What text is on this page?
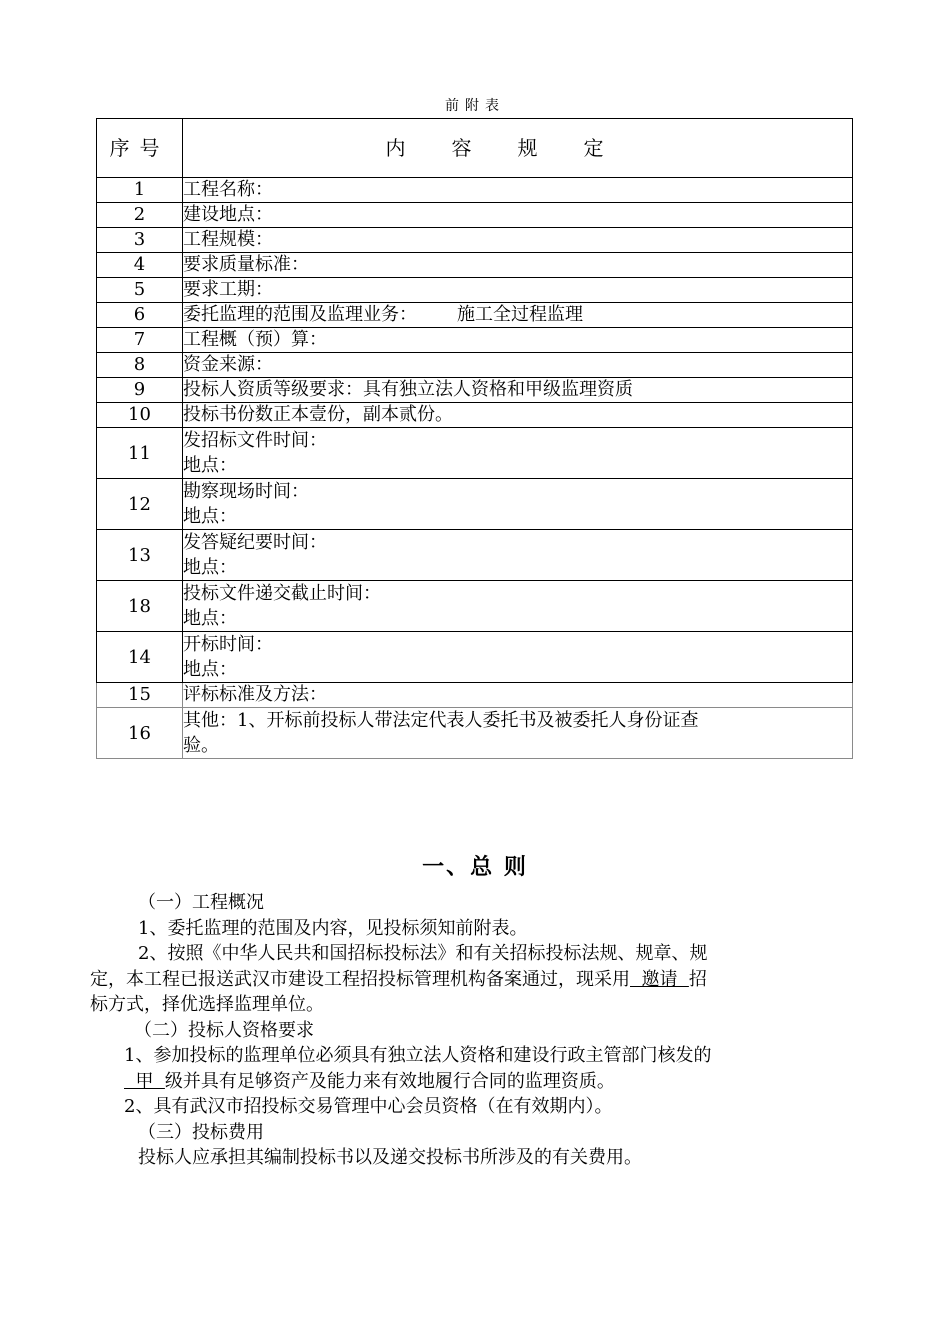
前附表
序号	内容规定
1	工程名称：
2	建设地点：
3	工程规模：
4	要求质量标准：
5	要求工期：
6	委托监理的范围及监理业务： 施工全过程监理
7	工程概（预）算：
8	资金来源：
9	投标人资质等级要求：具有独立法人资格和甲级监理资质
10	投标书份数正本壹份，副本贰份。
11	发招标文件时间：
地点：

12	勘察现场时间：
地点：

13	发答疑纪要时间：
地点：

18	投标文件递交截止时间：
地点：

14	开标时间：
地点：

15	评标标准及方法：
16	其他：1、开标前投标人带法定代表人委托书及被委托人身份证查
验。
一、总 则

（一）工程概况

1、委托监理的范围及内容，见投标须知前附表。

2、按照《中华人民共和国招标投标法》和有关招标投标法规、规章、规

定，本工程已报送武汉市建设工程招投标管理机构备案通过，现采用  邀请  招

标方式，择优选择监理单位。

（二）投标人资格要求

1、参加投标的监理单位必须具有独立法人资格和建设行政主管部门核发的

甲  级并具有足够资产及能力来有效地履行合同的监理资质。

2、具有武汉市招投标交易管理中心会员资格（在有效期内）。

（三）投标费用

投标人应承担其编制投标书以及递交投标书所涉及的有关费用。
